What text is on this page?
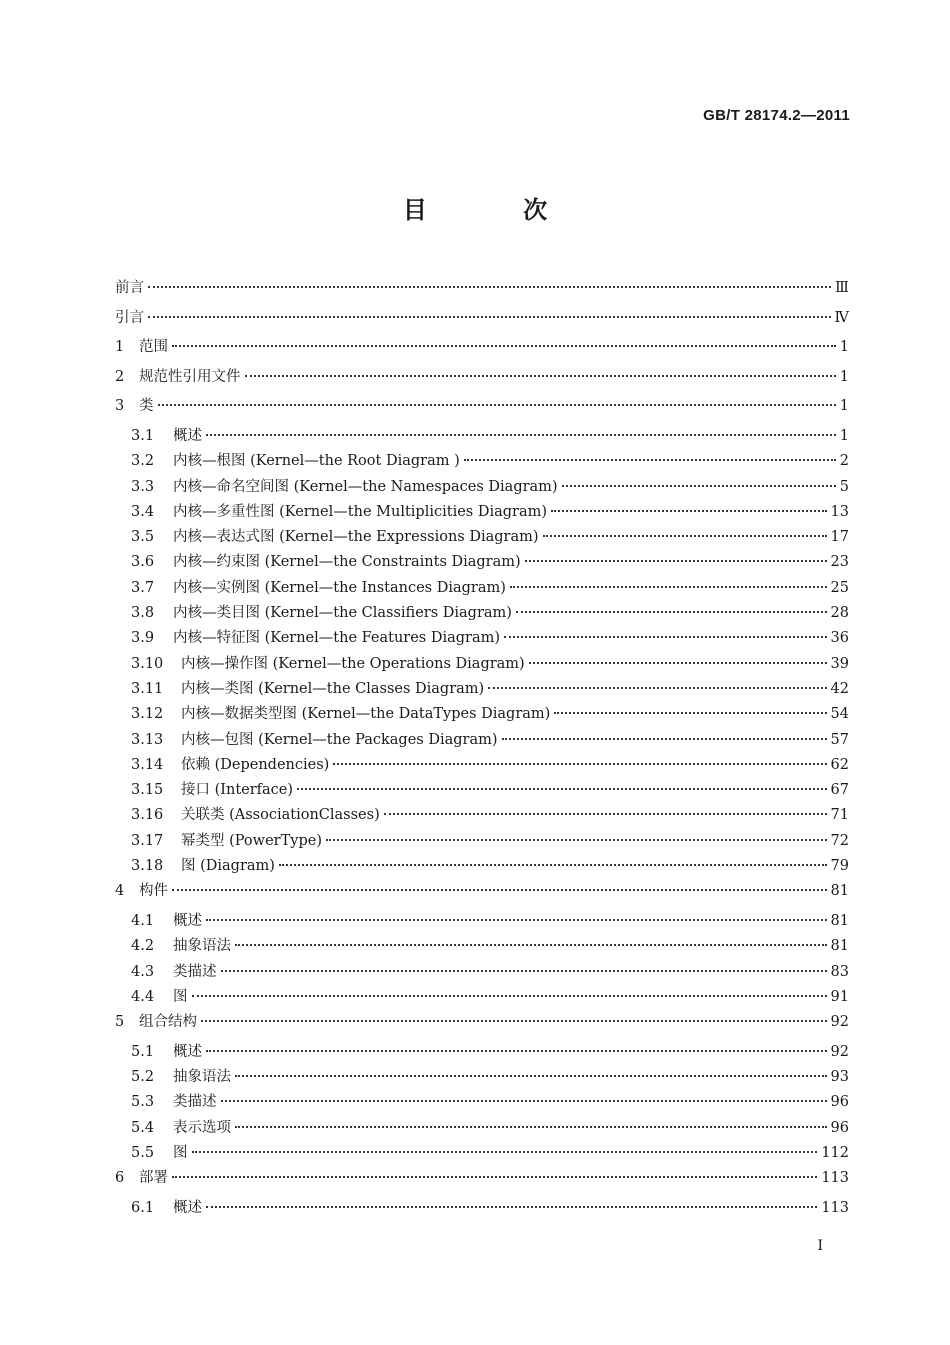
GB/T 28174.2—2011
目 次
前言	Ⅲ
引言	Ⅳ
1	范围	1
2	规范性引用文件	1
3	类	1
3.1	概述	1
3.2	内核—根图 (Kernel—the Root Diagram )	2
3.3	内核—命名空间图 (Kernel—the Namespaces Diagram)	5
3.4	内核—多重性图 (Kernel—the Multiplicities Diagram)	13
3.5	内核—表达式图 (Kernel—the Expressions Diagram)	17
3.6	内核—约束图 (Kernel—the Constraints Diagram)	23
3.7	内核—实例图 (Kernel—the Instances Diagram)	25
3.8	内核—类目图 (Kernel—the Classifiers Diagram)	28
3.9	内核—特征图 (Kernel—the Features Diagram)	36
3.10	内核—操作图 (Kernel—the Operations Diagram)	39
3.11	内核—类图 (Kernel—the Classes Diagram)	42
3.12	内核—数据类型图 (Kernel—the DataTypes Diagram)	54
3.13	内核—包图 (Kernel—the Packages Diagram)	57
3.14	依赖 (Dependencies)	62
3.15	接口 (Interface)	67
3.16	关联类 (AssociationClasses)	71
3.17	幂类型 (PowerType)	72
3.18	图 (Diagram)	79
4	构件	81
4.1	概述	81
4.2	抽象语法	81
4.3	类描述	83
4.4	图	91
5	组合结构	92
5.1	概述	92
5.2	抽象语法	93
5.3	类描述	96
5.4	表示选项	96
5.5	图	112
6	部署	113
6.1	概述	113
I
